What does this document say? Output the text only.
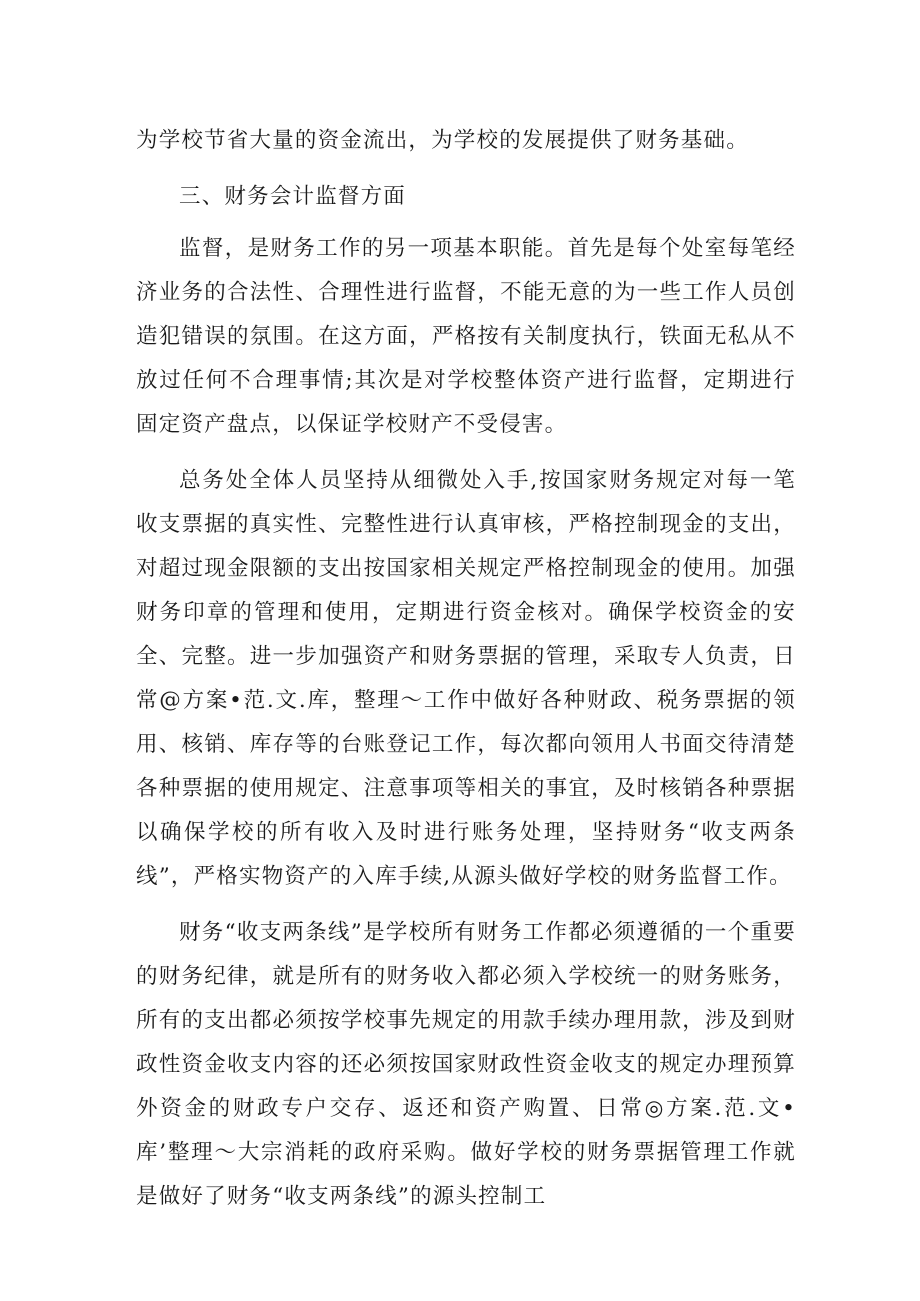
为学校节省大量的资金流出，为学校的发展提供了财务基础。

三、财务会计监督方面

监督，是财务工作的另一项基本职能。首先是每个处室每笔经济业务的合法性、合理性进行监督，不能无意的为一些工作人员创造犯错误的氛围。在这方面，严格按有关制度执行，铁面无私从不放过任何不合理事情;其次是对学校整体资产进行监督，定期进行固定资产盘点，以保证学校财产不受侵害。

总务处全体人员坚持从细微处入手,按国家财务规定对每一笔收支票据的真实性、完整性进行认真审核，严格控制现金的支出，对超过现金限额的支出按国家相关规定严格控制现金的使用。加强财务印章的管理和使用，定期进行资金核对。确保学校资金的安全、完整。进一步加强资产和财务票据的管理，采取专人负责，日常@方案•范.文.库，整理～工作中做好各种财政、税务票据的领用、核销、库存等的台账登记工作，每次都向领用人书面交待清楚各种票据的使用规定、注意事项等相关的事宜，及时核销各种票据以确保学校的所有收入及时进行账务处理，坚持财务“收支两条线”，严格实物资产的入库手续,从源头做好学校的财务监督工作。

财务“收支两条线”是学校所有财务工作都必须遵循的一个重要的财务纪律，就是所有的财务收入都必须入学校统一的财务账务，所有的支出都必须按学校事先规定的用款手续办理用款，涉及到财政性资金收支内容的还必须按国家财政性资金收支的规定办理预算外资金的财政专户交存、返还和资产购置、日常◎方案.范.文•库’整理～大宗消耗的政府采购。做好学校的财务票据管理工作就是做好了财务“收支两条线”的源头控制工
